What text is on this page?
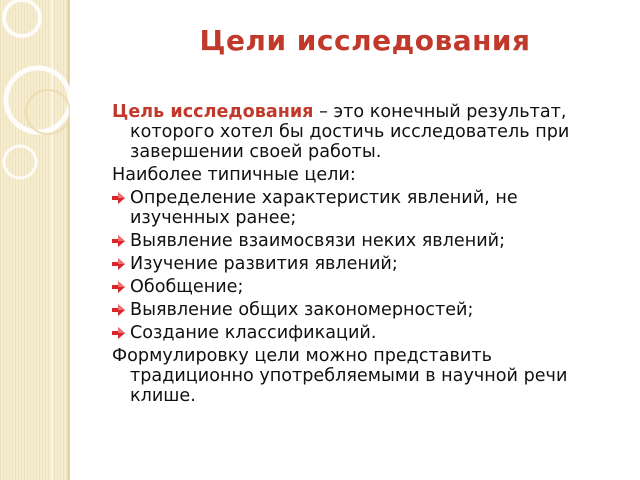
Цели исследования

Цель исследования – это конечный результат, которого хотел бы достичь исследователь при завершении своей работы.

Наиболее типичные цели:

Определение характеристик явлений, не изученных ранее;
Выявление взаимосвязи неких явлений;
Изучение развития явлений;
Обобщение;
Выявление общих закономерностей;
Создание классификаций.

Формулировку цели можно представить традиционно употребляемыми в научной речи клише.
